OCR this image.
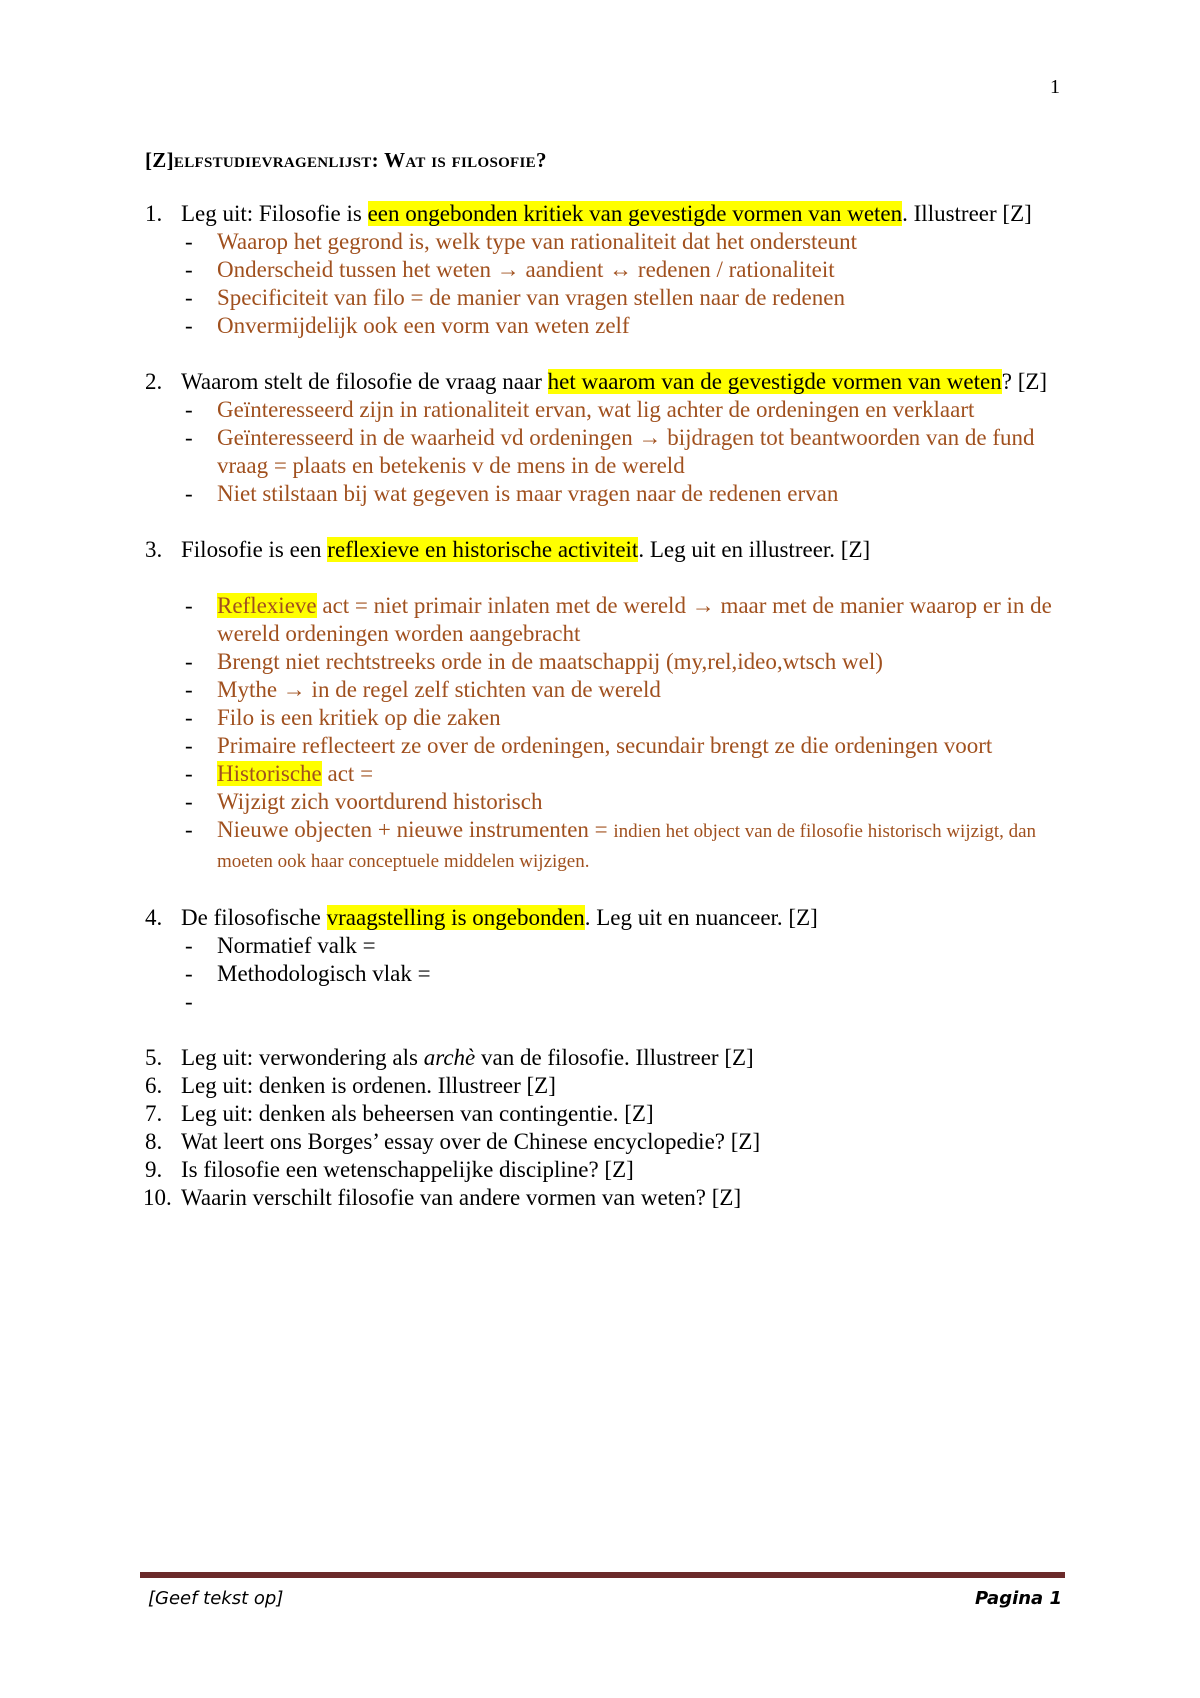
1
[Z]elfstudievragenlijst: Wat is filosofie?
1. Leg uit: Filosofie is een ongebonden kritiek van gevestigde vormen van weten. Illustreer [Z]
- Waarop het gegrond is, welk type van rationaliteit dat het ondersteunt
- Onderscheid tussen het weten → aandient ↔ redenen / rationaliteit
- Specificiteit van filo = de manier van vragen stellen naar de redenen
- Onvermijdelijk ook een vorm van weten zelf
2. Waarom stelt de filosofie de vraag naar het waarom van de gevestigde vormen van weten? [Z]
- Geïnteresseerd zijn in rationaliteit ervan, wat lig achter de ordeningen en verklaart
- Geïnteresseerd in de waarheid vd ordeningen → bijdragen tot beantwoorden van de fund vraag = plaats en betekenis v de mens in de wereld
- Niet stilstaan bij wat gegeven is maar vragen naar de redenen ervan
3. Filosofie is een reflexieve en historische activiteit. Leg uit en illustreer. [Z]
- Reflexieve act = niet primair inlaten met de wereld → maar met de manier waarop er in de wereld ordeningen worden aangebracht
- Brengt niet rechtstreeks orde in de maatschappij (my,rel,ideo,wtsch wel)
- Mythe → in de regel zelf stichten van de wereld
- Filo is een kritiek op die zaken
- Primaire reflecteert ze over de ordeningen, secundair brengt ze die ordeningen voort
- Historische act =
- Wijzigt zich voortdurend historisch
- Nieuwe objecten + nieuwe instrumenten = indien het object van de filosofie historisch wijzigt, dan moeten ook haar conceptuele middelen wijzigen.
4. De filosofische vraagstelling is ongebonden. Leg uit en nuanceer. [Z]
- Normatief valk =
- Methodologisch vlak =
-

5. Leg uit: verwondering als archè van de filosofie. Illustreer [Z]
6. Leg uit: denken is ordenen. Illustreer [Z]
7. Leg uit: denken als beheersen van contingentie. [Z]
8. Wat leert ons Borges’ essay over de Chinese encyclopedie? [Z]
9. Is filosofie een wetenschappelijke discipline? [Z]
10. Waarin verschilt filosofie van andere vormen van weten? [Z]
[Geef tekst op]	Pagina 1
